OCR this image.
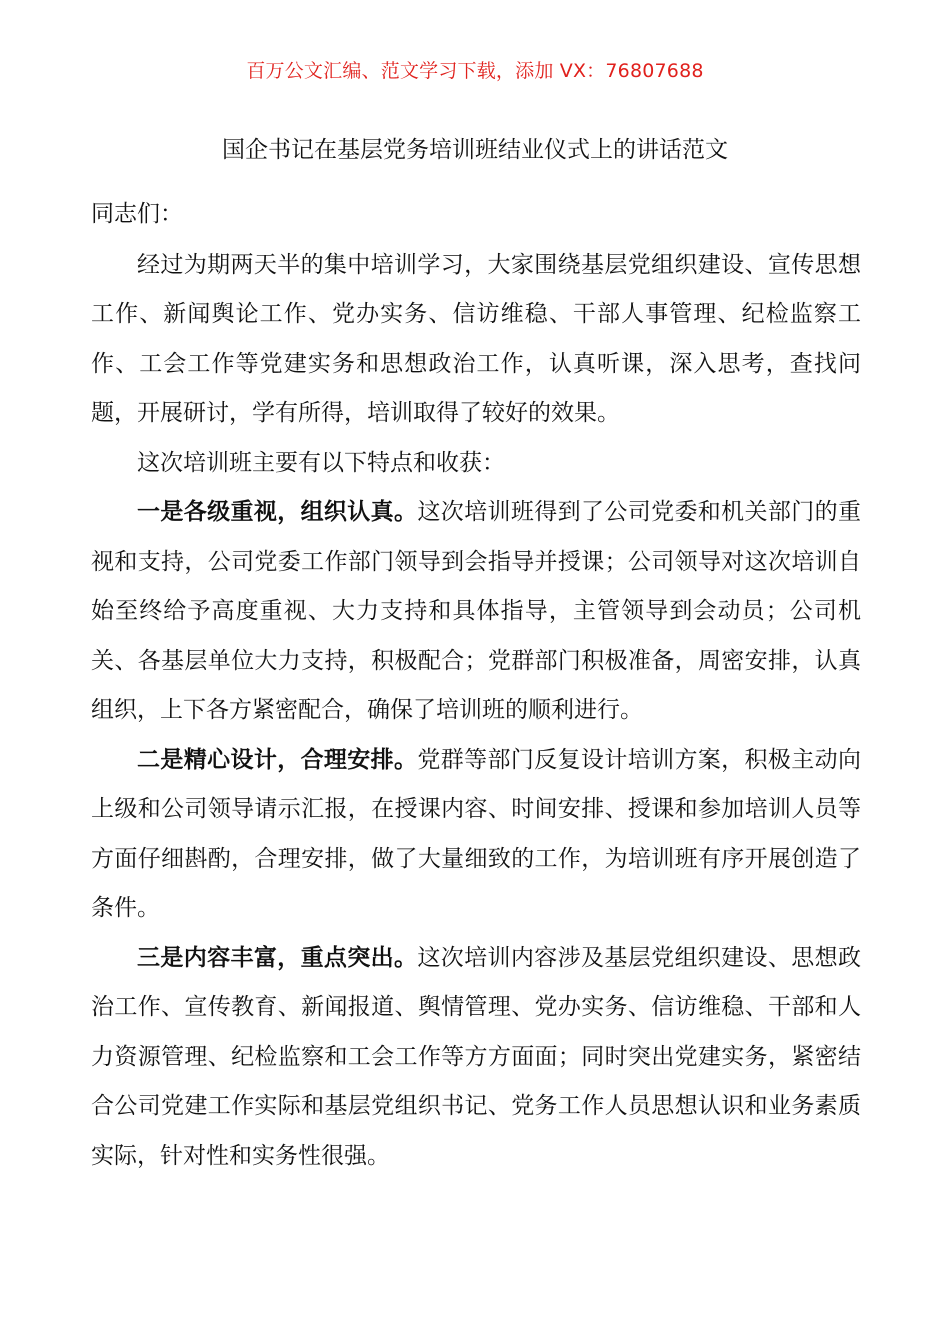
百万公文汇编、范文学习下载，添加 VX：76807688
国企书记在基层党务培训班结业仪式上的讲话范文

同志们：

经过为期两天半的集中培训学习，大家围绕基层党组织建设、宣传思想工作、新闻舆论工作、党办实务、信访维稳、干部人事管理、纪检监察工作、工会工作等党建实务和思想政治工作，认真听课，深入思考，查找问题，开展研讨，学有所得，培训取得了较好的效果。

这次培训班主要有以下特点和收获：

一是各级重视，组织认真。这次培训班得到了公司党委和机关部门的重视和支持，公司党委工作部门领导到会指导并授课；公司领导对这次培训自始至终给予高度重视、大力支持和具体指导，主管领导到会动员；公司机关、各基层单位大力支持，积极配合；党群部门积极准备，周密安排，认真组织，上下各方紧密配合，确保了培训班的顺利进行。

二是精心设计，合理安排。党群等部门反复设计培训方案，积极主动向上级和公司领导请示汇报，在授课内容、时间安排、授课和参加培训人员等方面仔细斟酌，合理安排，做了大量细致的工作，为培训班有序开展创造了条件。

三是内容丰富，重点突出。这次培训内容涉及基层党组织建设、思想政治工作、宣传教育、新闻报道、舆情管理、党办实务、信访维稳、干部和人力资源管理、纪检监察和工会工作等方方面面；同时突出党建实务，紧密结合公司党建工作实际和基层党组织书记、党务工作人员思想认识和业务素质实际，针对性和实务性很强。
